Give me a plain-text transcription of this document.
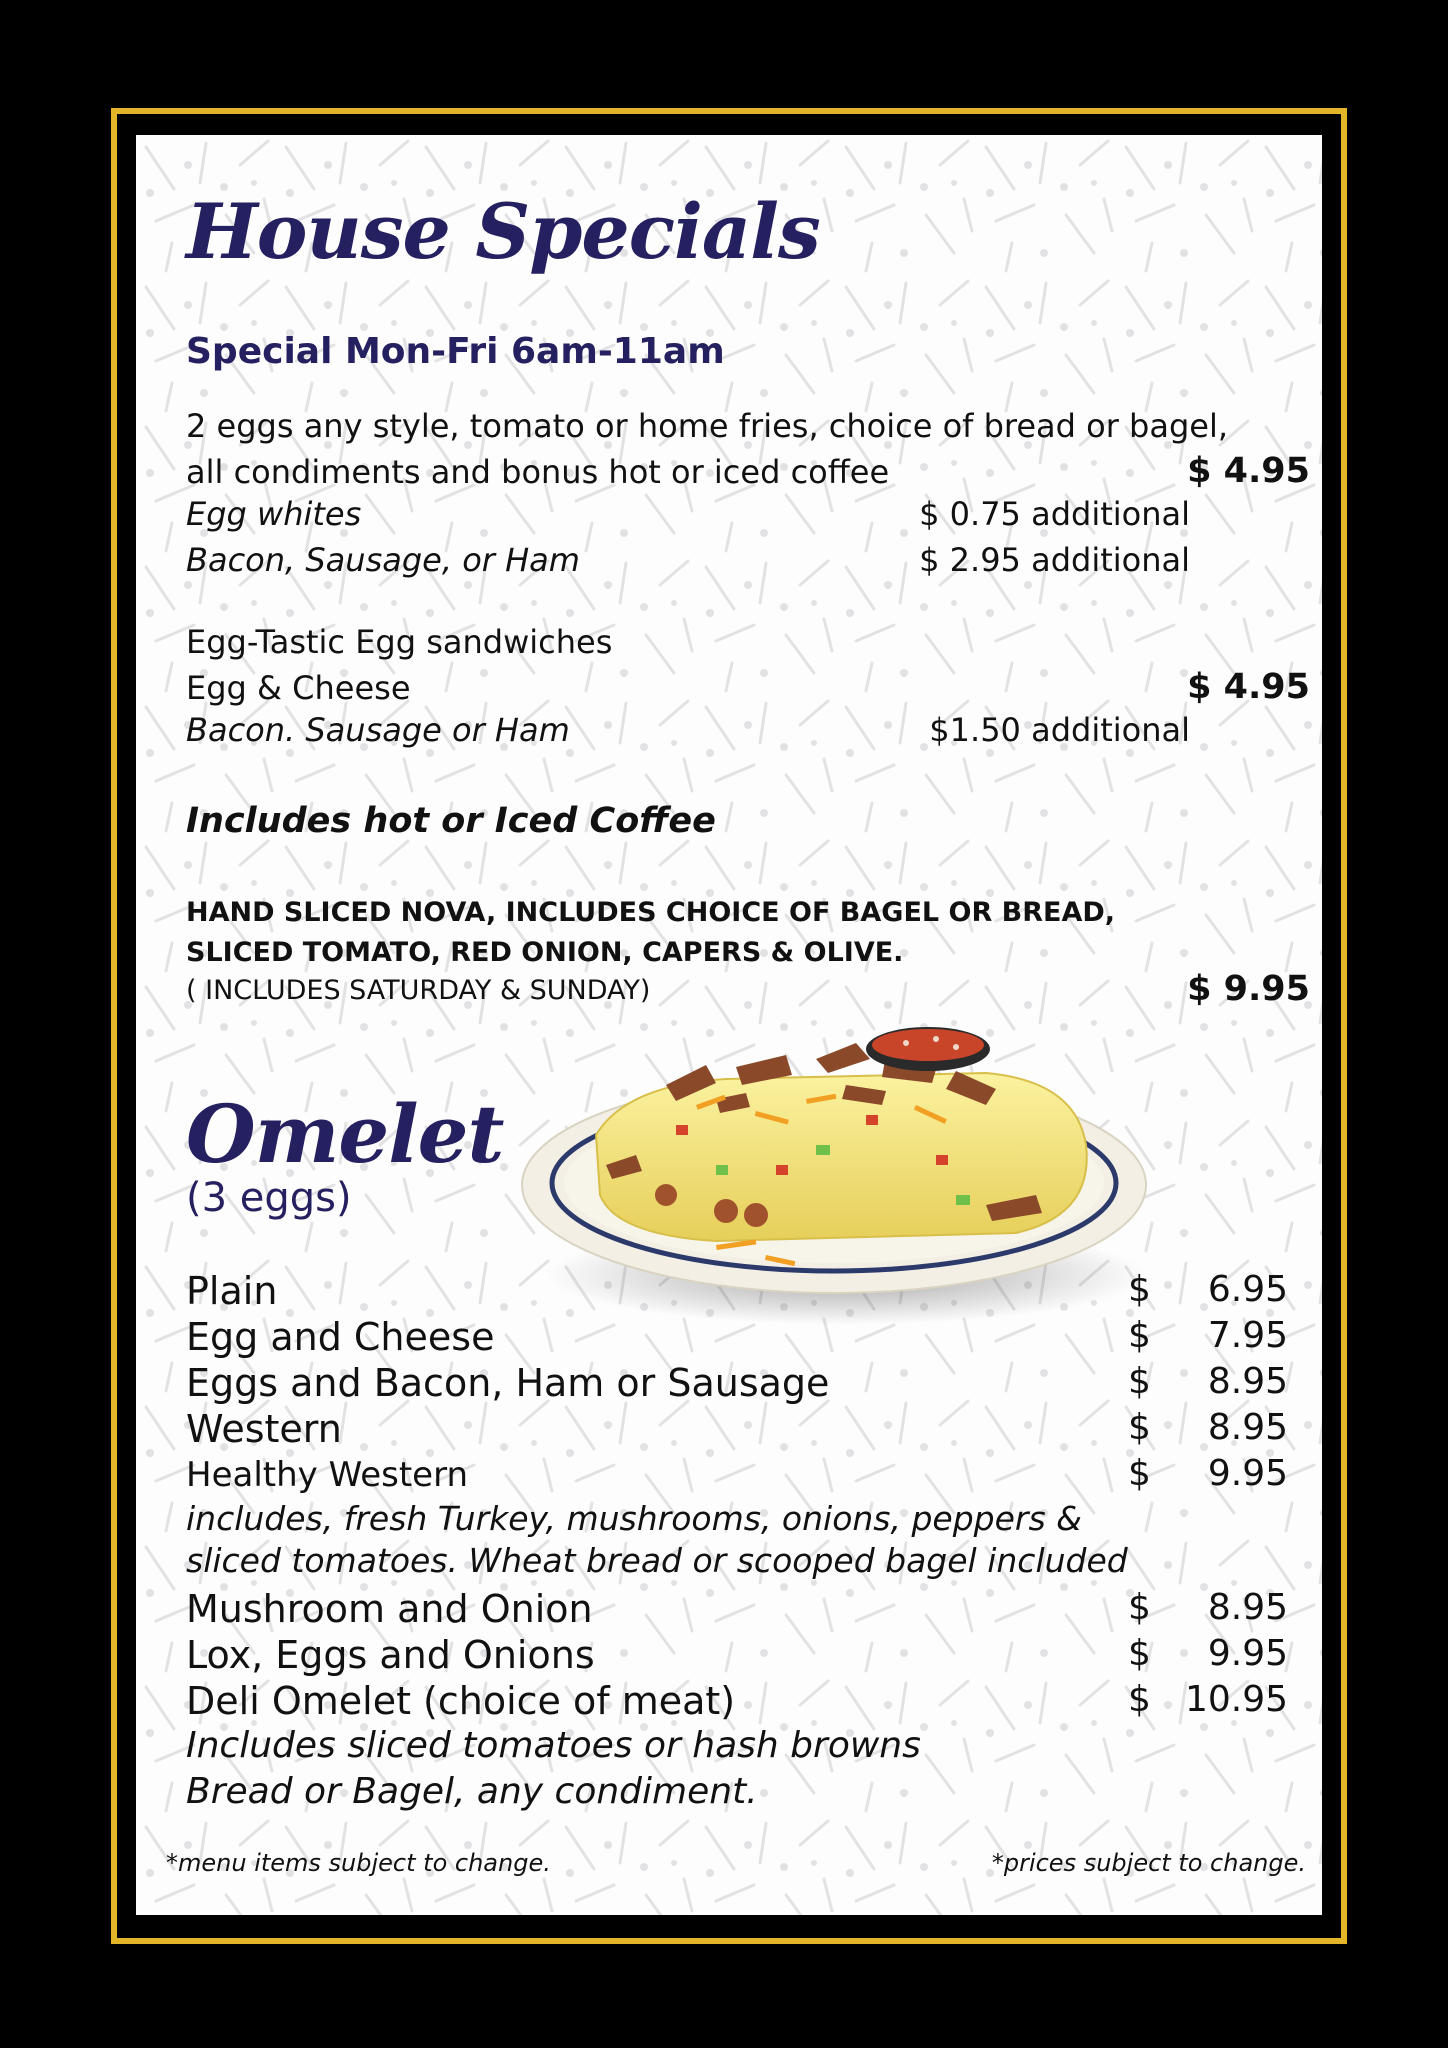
House Specials
Special Mon-Fri 6am-11am
2 eggs any style, tomato or home fries, choice of bread or bagel,
all condiments and bonus hot or iced coffee	$ 4.95
Egg whites	$ 0.75 additional
Bacon, Sausage, or Ham	$ 2.95 additional
Egg-Tastic Egg sandwiches
Egg & Cheese	$ 4.95
Bacon. Sausage or Ham	$1.50 additional
Includes hot or Iced Coffee
HAND SLICED NOVA, INCLUDES CHOICE OF BAGEL OR BREAD,
SLICED TOMATO, RED ONION, CAPERS & OLIVE.
( INCLUDES SATURDAY & SUNDAY)	$ 9.95
Omelet
(3 eggs)
Plain	$	6.95
Egg and Cheese	$	7.95
Eggs and Bacon, Ham or Sausage	$	8.95
Western	$	8.95
Healthy Western	$	9.95
includes, fresh Turkey, mushrooms, onions, peppers &
sliced tomatoes. Wheat bread or scooped bagel included
Mushroom and Onion	$	8.95
Lox, Eggs and Onions	$	9.95
Deli Omelet (choice of meat)	$ 10.95
Includes sliced tomatoes or hash browns
Bread or Bagel, any condiment.
*menu items subject to change.	*prices subject to change.
